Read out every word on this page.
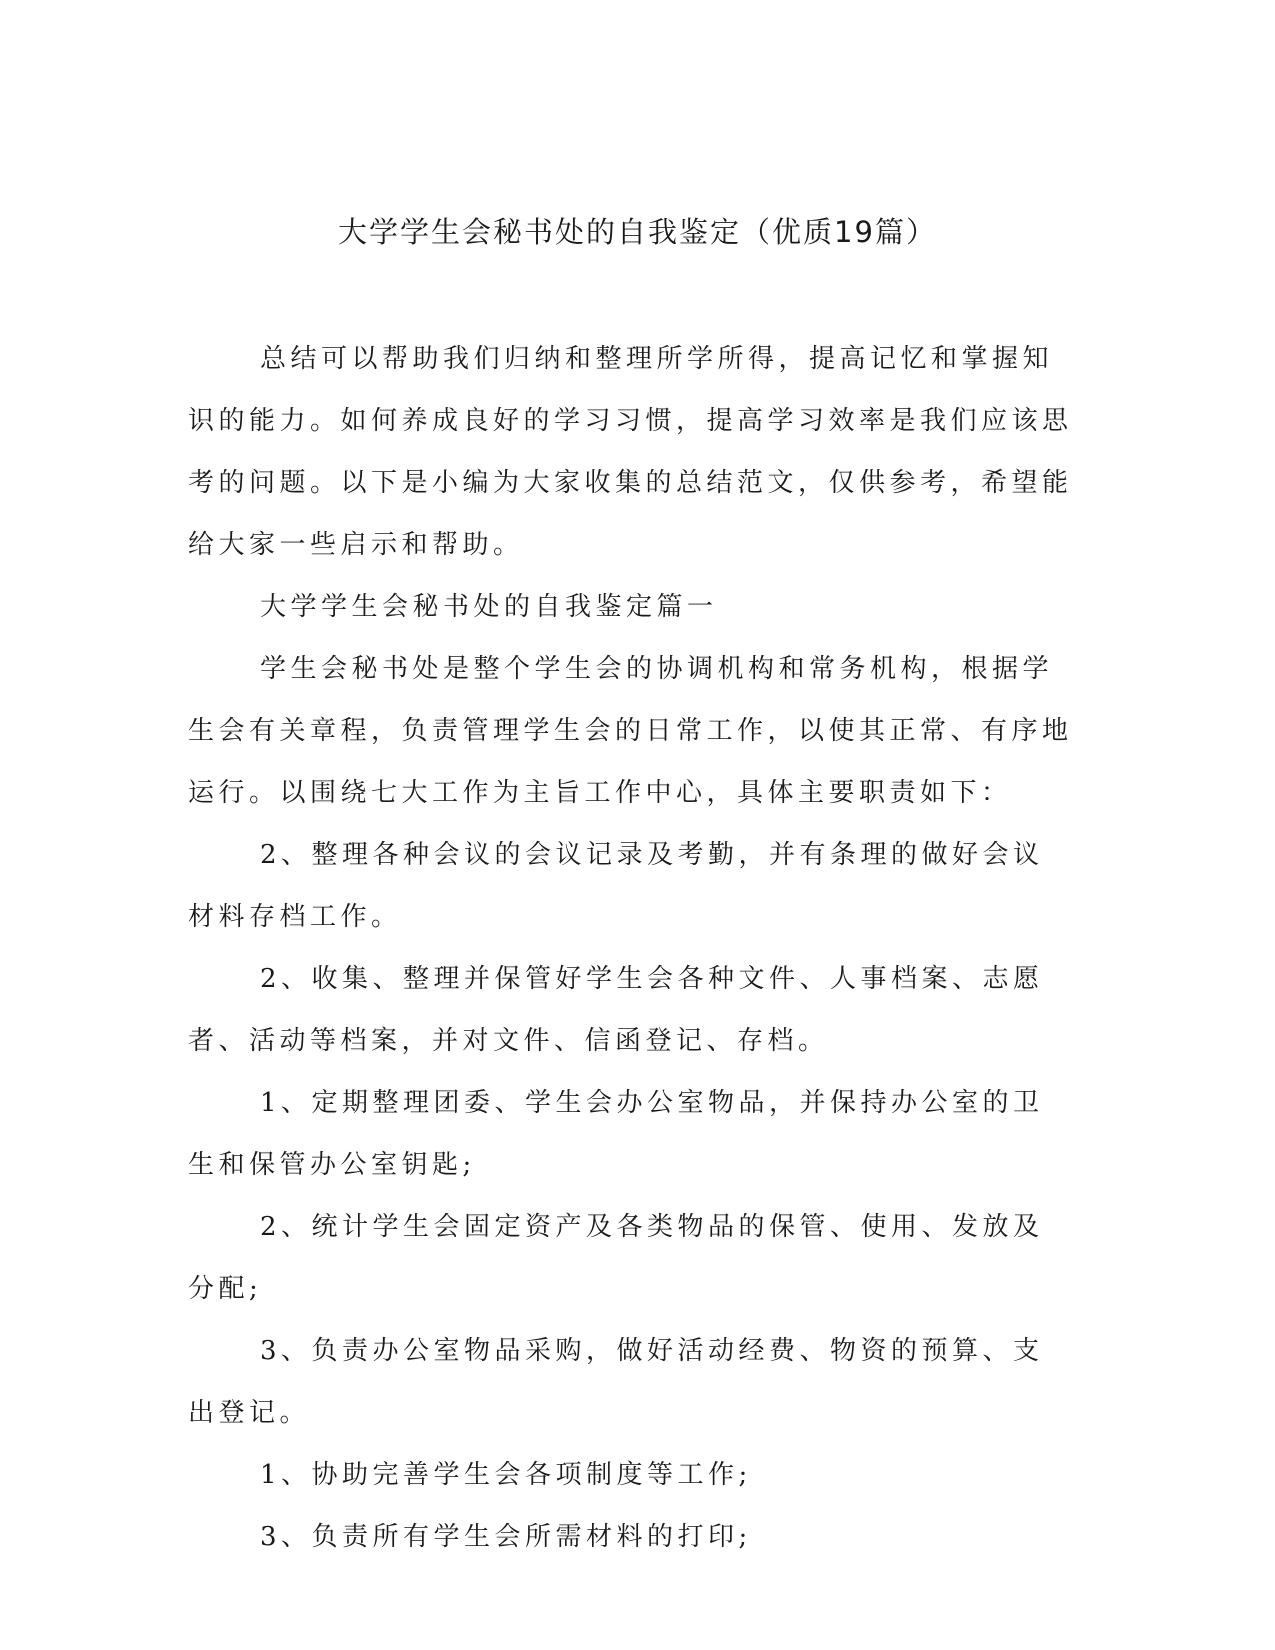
大学学生会秘书处的自我鉴定（优质19篇）

总结可以帮助我们归纳和整理所学所得，提高记忆和掌握知识的能力。如何养成良好的学习习惯，提高学习效率是我们应该思考的问题。以下是小编为大家收集的总结范文，仅供参考，希望能给大家一些启示和帮助。

大学学生会秘书处的自我鉴定篇一

学生会秘书处是整个学生会的协调机构和常务机构，根据学生会有关章程，负责管理学生会的日常工作，以使其正常、有序地运行。以围绕七大工作为主旨工作中心，具体主要职责如下：

2、整理各种会议的会议记录及考勤，并有条理的做好会议材料存档工作。

2、收集、整理并保管好学生会各种文件、人事档案、志愿者、活动等档案，并对文件、信函登记、存档。

1、定期整理团委、学生会办公室物品，并保持办公室的卫生和保管办公室钥匙;

2、统计学生会固定资产及各类物品的保管、使用、发放及分配;

3、负责办公室物品采购，做好活动经费、物资的预算、支出登记。

1、协助完善学生会各项制度等工作;

3、负责所有学生会所需材料的打印;
